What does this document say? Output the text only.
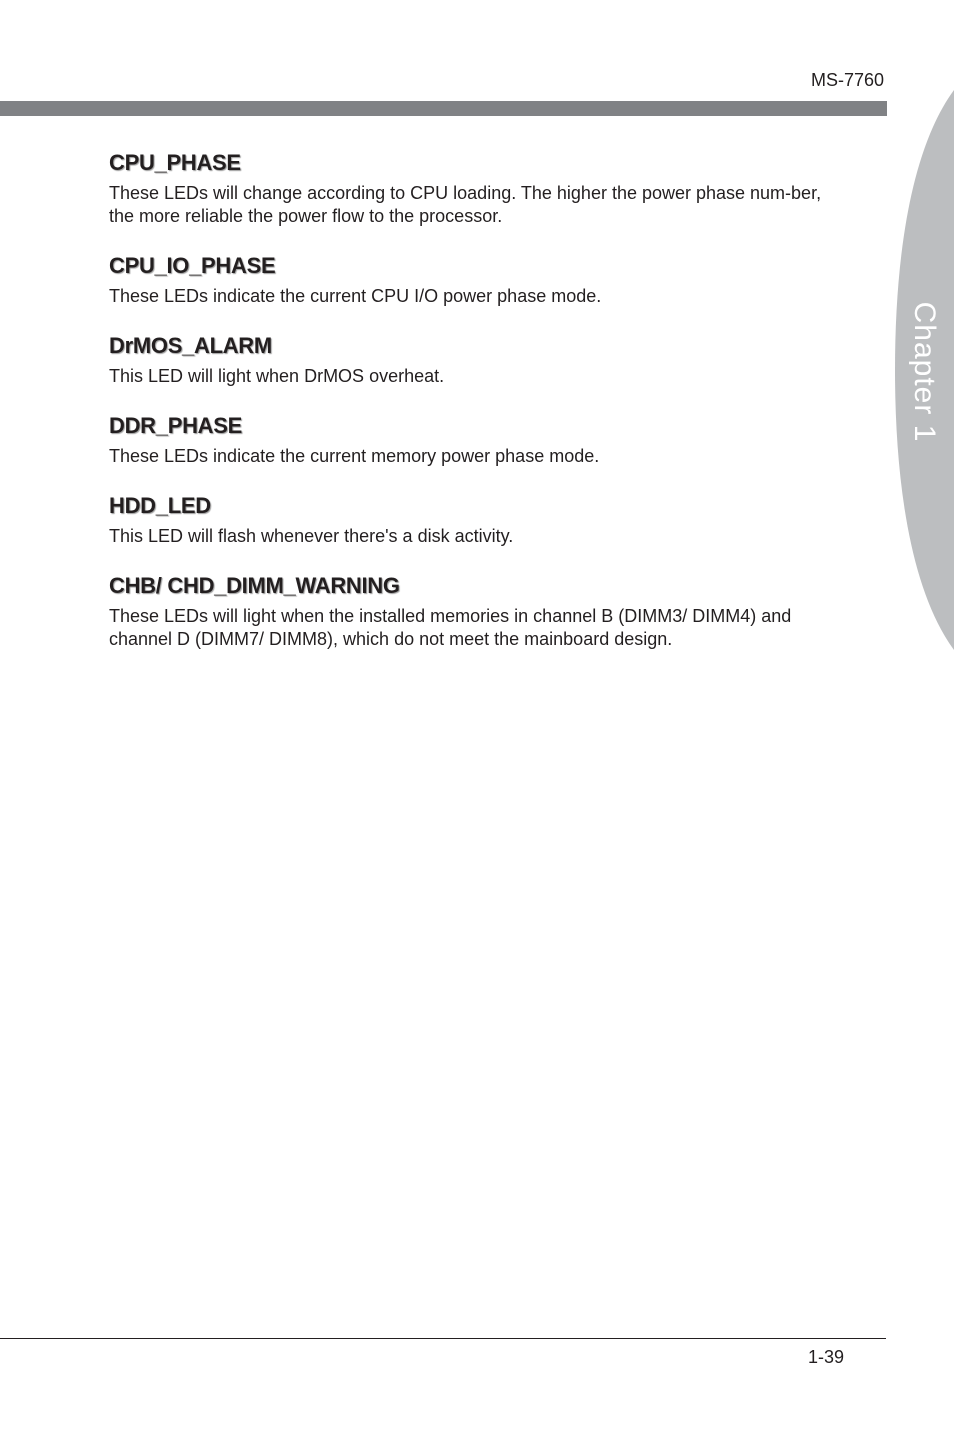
MS-7760
Chapter 1
CPU_PHASE

These LEDs will change according to CPU loading. The higher the power phase num-ber, the more reliable the power flow to the processor.

CPU_IO_PHASE

These LEDs indicate the current CPU I/O power phase mode.

DrMOS_ALARM

This LED will light when DrMOS overheat.

DDR_PHASE

These LEDs indicate the current memory power phase mode.

HDD_LED

This LED will flash whenever there's a disk activity.

CHB/ CHD_DIMM_WARNING

These LEDs will light when the installed memories in channel B (DIMM3/ DIMM4) and channel D (DIMM7/ DIMM8), which do not meet the mainboard design.

1-39
